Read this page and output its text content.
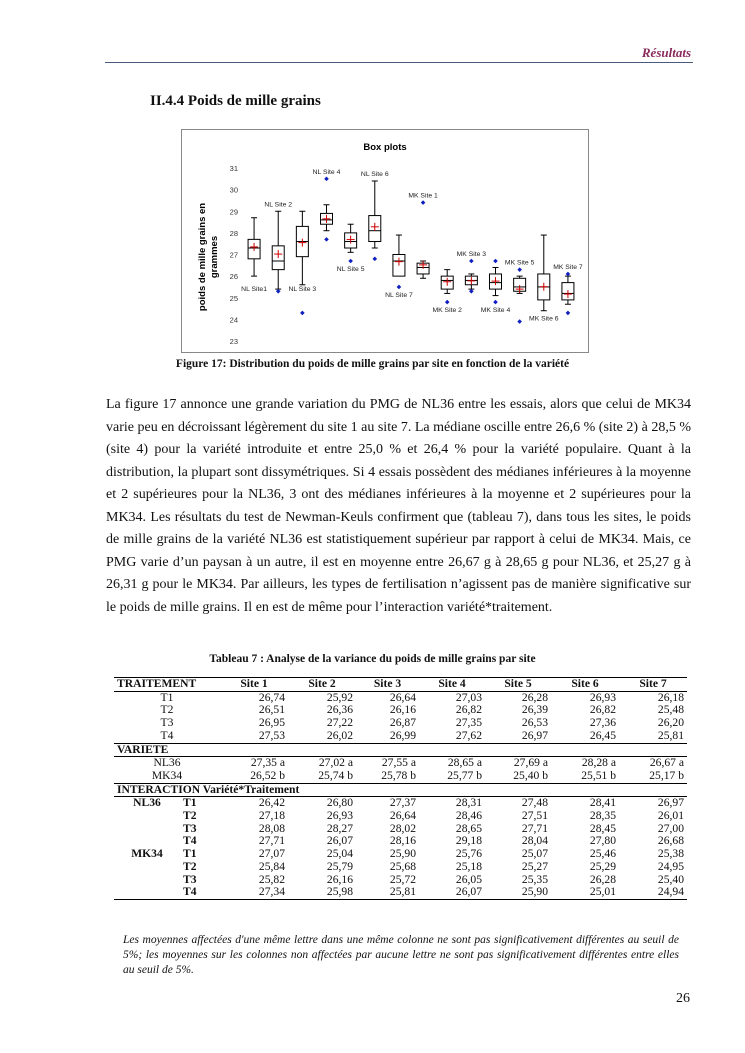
Résultats
II.4.4 Poids de mille grains
Box plots
poids de mille grains en grammes
23
24
25
26
27
28
29
30
31
NL Site1
NL Site 2
NL Site 3
NL Site 4
NL Site 5
NL Site 6
NL Site 7
MK Site 1
MK Site 2
MK Site 3
MK Site 4
MK Site 5
MK Site 6
MK Site 7
Figure 17: Distribution du poids de mille grains par site en fonction de la variété
La figure 17 annonce une grande variation du PMG de NL36 entre les essais, alors que celui de MK34 varie peu en décroissant légèrement du site 1 au site 7. La médiane oscille entre 26,6 % (site 2) à 28,5 % (site 4) pour la variété introduite et entre 25,0 % et 26,4 % pour la variété populaire. Quant à la distribution, la plupart sont dissymétriques. Si 4 essais possèdent des médianes inférieures à la moyenne et 2 supérieures pour la NL36, 3 ont des médianes inférieures à la moyenne et 2 supérieures pour la MK34. Les résultats du test de Newman-Keuls confirment que (tableau 7), dans tous les sites, le poids de mille grains de la variété NL36 est statistiquement supérieur par rapport à celui de MK34. Mais, ce PMG varie d’un paysan à un autre, il est en moyenne entre 26,67 g à 28,65 g pour NL36, et 25,27 g à 26,31 g pour le MK34. Par ailleurs, les types de fertilisation n’agissent pas de manière significative sur le poids de mille grains. Il en est de même pour l’interaction variété*traitement.
Tableau 7 : Analyse de la variance du poids de mille grains par site
TRAITEMENT		Site 1	Site 2	Site 3	Site 4	Site 5	Site 6	Site 7
T1		26,74	25,92	26,64	27,03	26,28	26,93	26,18
T2		26,51	26,36	26,16	26,82	26,39	26,82	25,48
T3		26,95	27,22	26,87	27,35	26,53	27,36	26,20
T4		27,53	26,02	26,99	27,62	26,97	26,45	25,81
VARIETE								
NL36		27,35 a	27,02 a	27,55 a	28,65 a	27,69 a	28,28 a	26,67 a
MK34		26,52 b	25,74 b	25,78 b	25,77 b	25,40 b	25,51 b	25,17 b
INTERACTION Variété*Traitement								
NL36	T1	26,42	26,80	27,37	28,31	27,48	28,41	26,97
	T2	27,18	26,93	26,64	28,46	27,51	28,35	26,01
	T3	28,08	28,27	28,02	28,65	27,71	28,45	27,00
	T4	27,71	26,07	28,16	29,18	28,04	27,80	26,68
MK34	T1	27,07	25,04	25,90	25,76	25,07	25,46	25,38
	T2	25,84	25,79	25,68	25,18	25,27	25,29	24,95
	T3	25,82	26,16	25,72	26,05	25,35	26,28	25,40
	T4	27,34	25,98	25,81	26,07	25,90	25,01	24,94
Les moyennes affectées d'une même lettre dans une même colonne ne sont pas significativement différentes au seuil de 5%; les moyennes sur les colonnes non affectées par aucune lettre ne sont pas significativement différentes entre elles au seuil de 5%.
26
